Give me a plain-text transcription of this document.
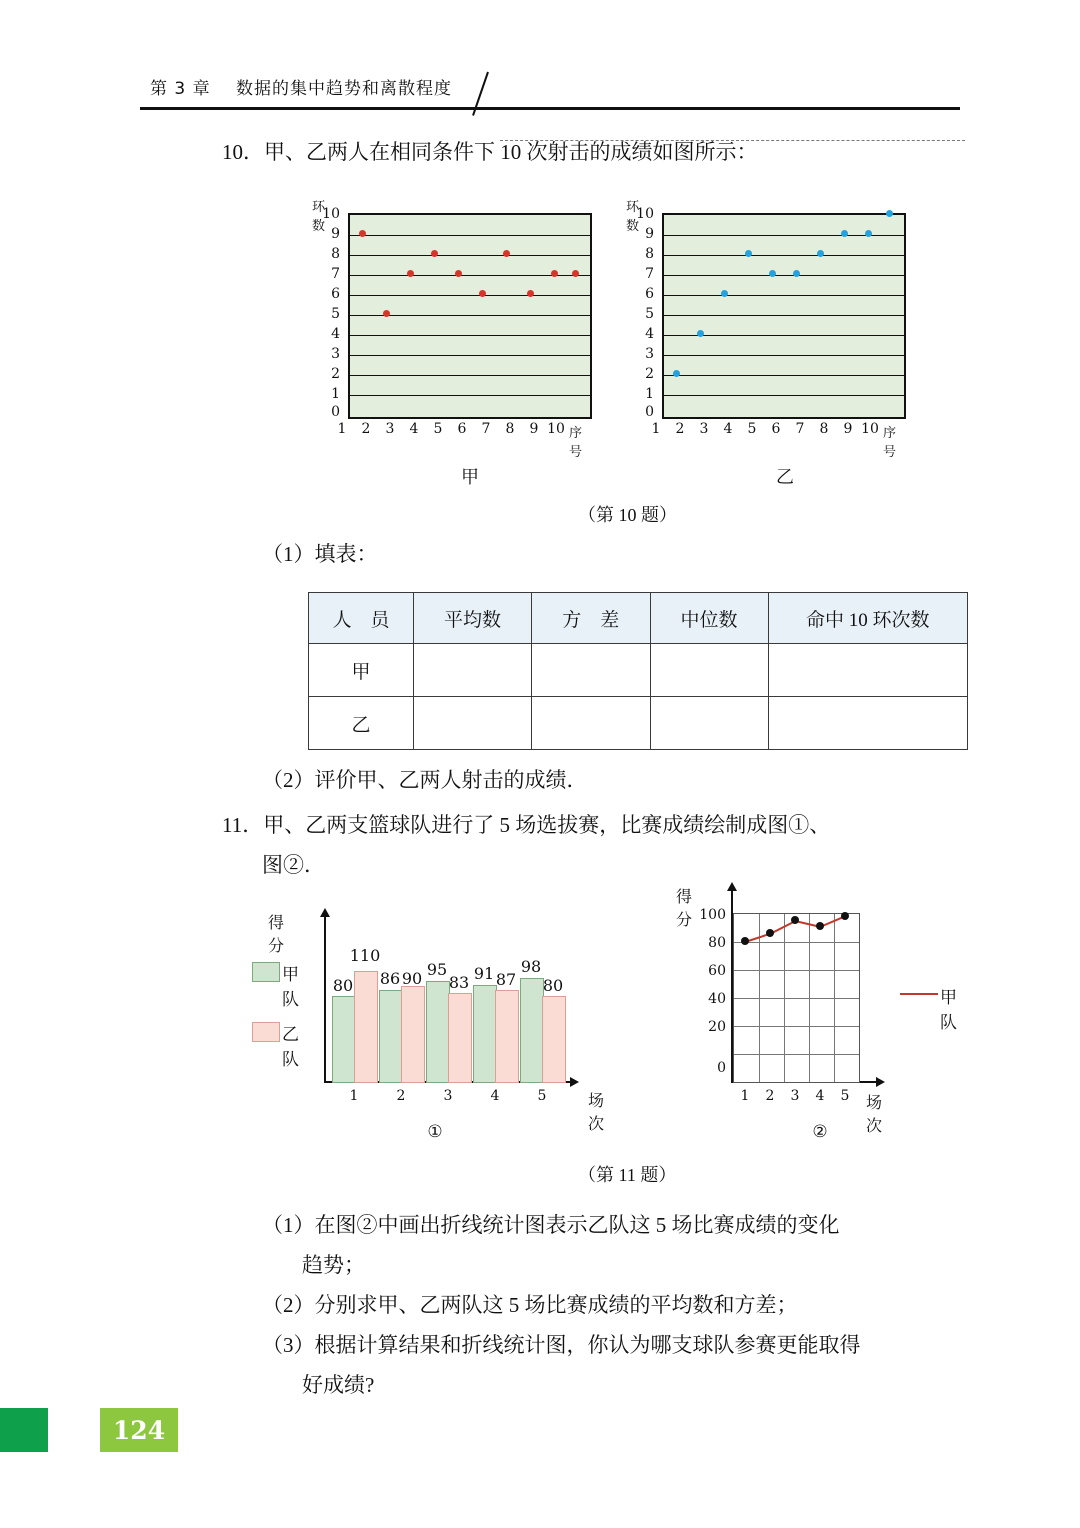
第 3 章 数据的集中趋势和离散程度
10．甲、乙两人在相同条件下 10 次射击的成绩如图所示：
环数
10
9
8
7
6
5
4
3
2
1
0
1	2	3	4	5	6	7	8	9 10 序号
甲
环数
10
9
8
7
6
5
4
3
2
1
0
1	2	3	4	5	6	7	8	9 10 序号
乙
（第 10 题）
（1）填表：
人　员	平均数	方　差	中位数	命中 10 环次数
甲				
乙				
（2）评价甲、乙两人射击的成绩．
11．甲、乙两支篮球队进行了 5 场选拔赛，比赛成绩绘制成图①、
图②．
得分
场次
甲队
乙队
80
110
86 90 95
83 91 87
98
80
1	2	3	4	5
①
得分
场次
100
80
60
40
20
0
1	2	3	4	5
甲队
②
（第 11 题）
（1）在图②中画出折线统计图表示乙队这 5 场比赛成绩的变化
趋势；
（2）分别求甲、乙两队这 5 场比赛成绩的平均数和方差；
（3）根据计算结果和折线统计图，你认为哪支球队参赛更能取得
好成绩?
124
